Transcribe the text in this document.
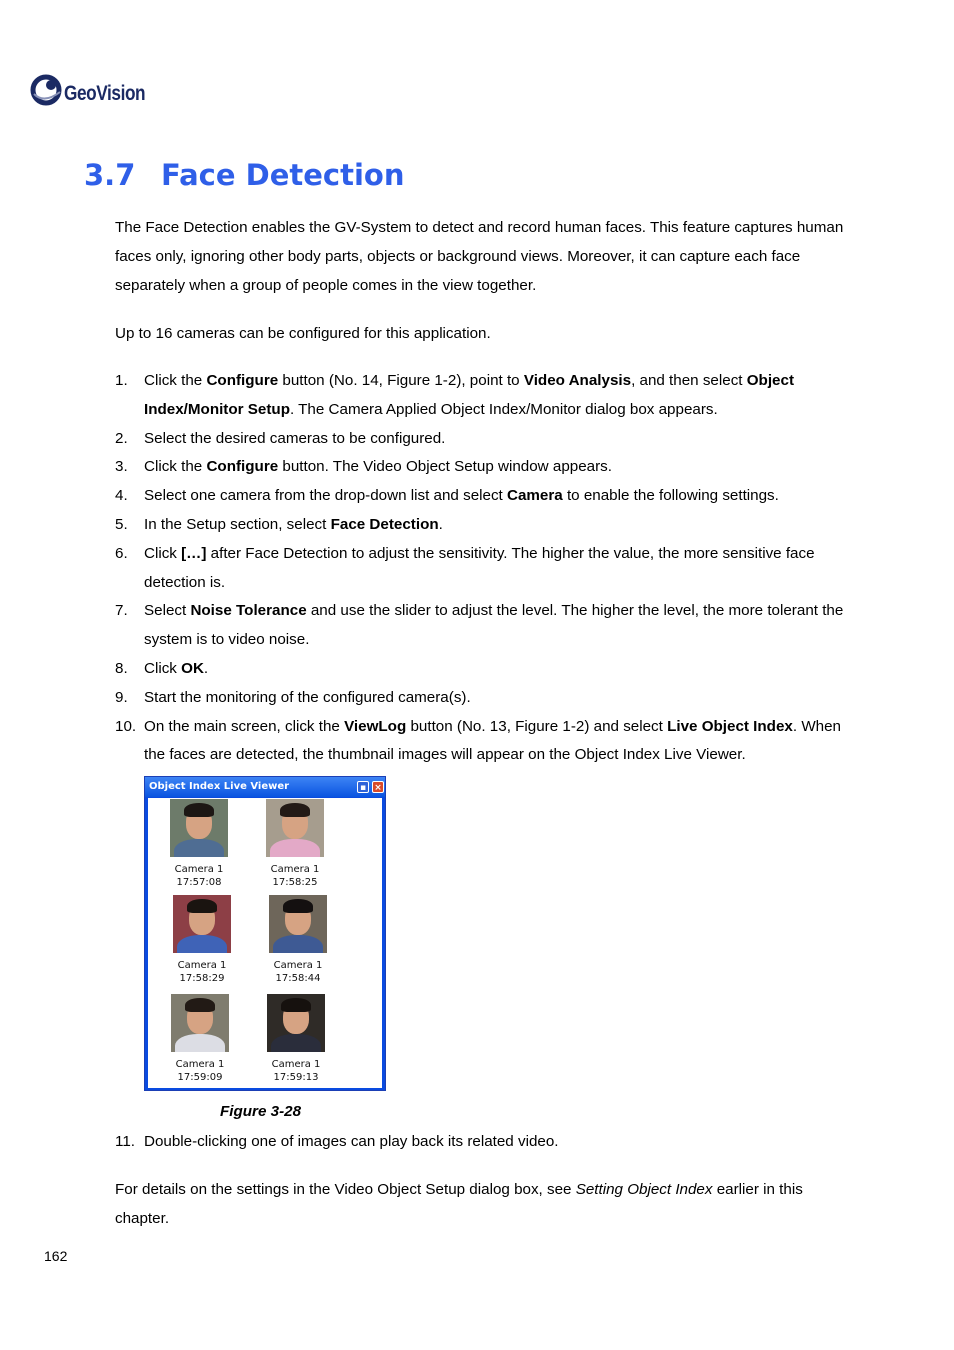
GeoVision
3.7 Face Detection

The Face Detection enables the GV-System to detect and record human faces. This feature captures human faces only, ignoring other body parts, objects or background views. Moreover, it can capture each face separately when a group of people comes in the view together.

Up to 16 cameras can be configured for this application.

1. Click the Configure button (No. 14, Figure 1-2), point to Video Analysis, and then select Object Index/Monitor Setup. The Camera Applied Object Index/Monitor dialog box appears.
2. Select the desired cameras to be configured.
3. Click the Configure button. The Video Object Setup window appears.
4. Select one camera from the drop-down list and select Camera to enable the following settings.
5. In the Setup section, select Face Detection.
6. Click […] after Face Detection to adjust the sensitivity. The higher the value, the more sensitive face detection is.
7. Select Noise Tolerance and use the slider to adjust the level. The higher the level, the more tolerant the system is to video noise.
8. Click OK.
9. Start the monitoring of the configured camera(s).
10. On the main screen, click the ViewLog button (No. 13, Figure 1-2) and select Live Object Index. When the faces are detected, the thumbnail images will appear on the Object Index Live Viewer.
Object Index Live Viewer	▪ ×
Camera 1
17:57:08
Camera 1
17:58:25
Camera 1
17:58:29
Camera 1
17:58:44
Camera 1
17:59:09
Camera 1
17:59:13
Figure 3-28
11. Double-clicking one of images can play back its related video.

For details on the settings in the Video Object Setup dialog box, see Setting Object Index earlier in this chapter.

162
